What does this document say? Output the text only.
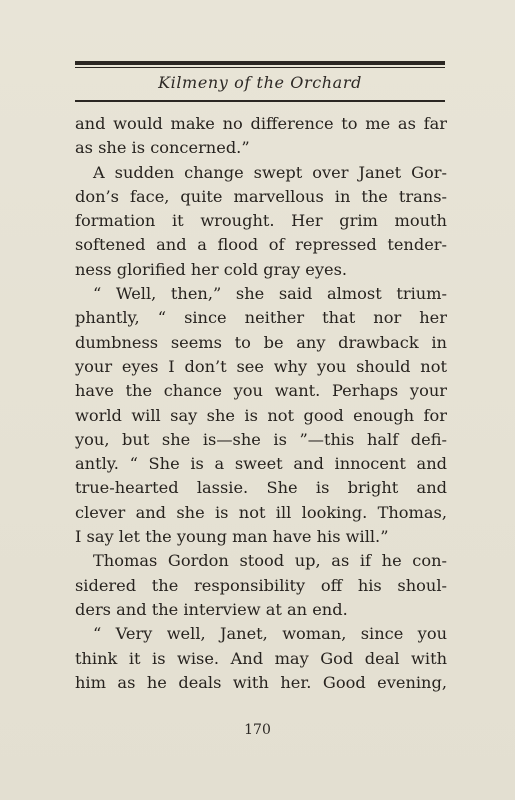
Kilmeny of the Orchard
and would make no difference to me as far
as she is concerned.”
A sudden change swept over Janet Gor-
don’s face, quite marvellous in the trans-
formation it wrought. Her grim mouth
softened and a flood of repressed tender-
ness glorified her cold gray eyes.
“ Well, then,” she said almost trium-
phantly, “ since neither that nor her
dumbness seems to be any drawback in
your eyes I don’t see why you should not
have the chance you want. Perhaps your
world will say she is not good enough for
you, but she is—she is ”—this half defi-
antly. “ She is a sweet and innocent and
true-hearted lassie. She is bright and
clever and she is not ill looking. Thomas,
I say let the young man have his will.”
Thomas Gordon stood up, as if he con-
sidered the responsibility off his shoul-
ders and the interview at an end.
“ Very well, Janet, woman, since you
think it is wise. And may God deal with
him as he deals with her. Good evening,
170
